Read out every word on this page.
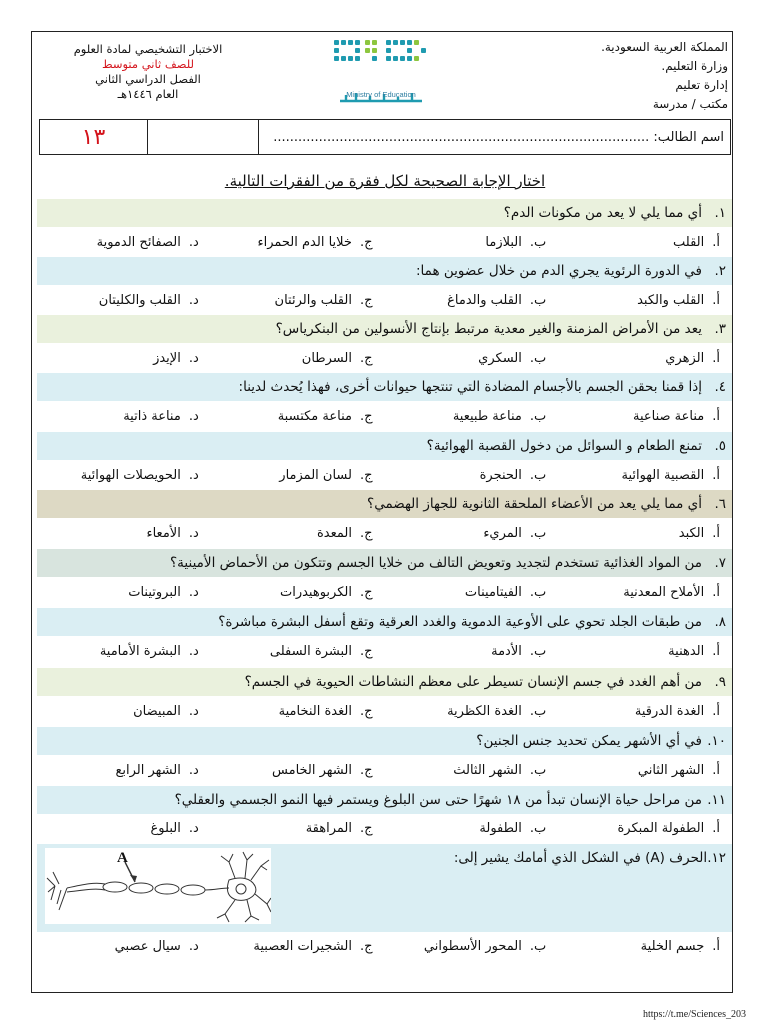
المملكة العربية السعودية.
وزارة التعليم.
إدارة تعليم
مكتب / مدرسة
Ministry of Education
الاختبار التشخيصي لمادة العلوم
للصف ثاني متوسط
الفصل الدراسي الثاني
العام ١٤٤٦هـ
١٣	اسم الطالب: ...........................................................................................
اختار الإجابة الصحيحة لكل فقرة من الفقرات التالية.
١.
أي مما يلي لا يعد من مكونات الدم؟
أ.
القلب
ب.
البلازما
ج.
خلايا الدم الحمراء
د.
الصفائح الدموية
٢.
في الدورة الرئوية يجري الدم من خلال عضوين هما:
أ.
القلب والكبد
ب.
القلب والدماغ
ج.
القلب والرئتان
د.
القلب والكليتان
٣.
يعد من الأمراض المزمنة والغير معدية مرتبط بإنتاج الأنسولين من البنكرياس؟
أ.
الزهري
ب.
السكري
ج.
السرطان
د.
الإيدز
٤.
إذا قمنا بحقن الجسم بالأجسام المضادة التي تنتجها حيوانات أخرى، فهذا يُحدث لدينا:
أ.
مناعة صناعية
ب.
مناعة طبيعية
ج.
مناعة مكتسبة
د.
مناعة ذاتية
٥.
تمنع الطعام و السوائل من دخول القصبة الهوائية؟
أ.
القصبية الهوائية
ب.
الحنجرة
ج.
لسان المزمار
د.
الحويصلات الهوائية
٦.
أي مما يلي يعد من الأعضاء الملحقة الثانوية للجهاز الهضمي؟
أ.
الكبد
ب.
المريء
ج.
المعدة
د.
الأمعاء
٧.
من المواد الغذائية تستخدم لتجديد وتعويض التالف من خلايا الجسم وتتكون من الأحماض الأمينية؟
أ.
الأملاح المعدنية
ب.
الفيتامينات
ج.
الكربوهيدرات
د.
البروتينات
٨.
من طبقات الجلد تحوي على الأوعية الدموية والغدد العرقية وتقع أسفل البشرة مباشرة؟
أ.
الدهنية
ب.
الأدمة
ج.
البشرة السفلى
د.
البشرة الأمامية
٩.
من أهم الغدد في جسم الإنسان تسيطر على معظم النشاطات الحيوية في الجسم؟
أ.
الغدة الدرقية
ب.
الغدة الكظرية
ج.
الغدة النخامية
د.
المبيضان
١٠.
في أي الأشهر يمكن تحديد جنس الجنين؟
أ.
الشهر الثاني
ب.
الشهر الثالث
ج.
الشهر الخامس
د.
الشهر الرابع
١١.
من مراحل حياة الإنسان تبدأ من ١٨ شهرًا حتى سن البلوغ ويستمر فيها النمو الجسمي والعقلي؟
أ.
الطفولة المبكرة
ب.
الطفولة
ج.
المراهقة
د.
البلوغ
١٢.
الحرف (A) في الشكل الذي أمامك يشير إلى:
A
أ.
جسم الخلية
ب.
المحور الأسطواني
ج.
الشجيرات العصبية
د.
سيال عصبي
https://t.me/Sciences_203
